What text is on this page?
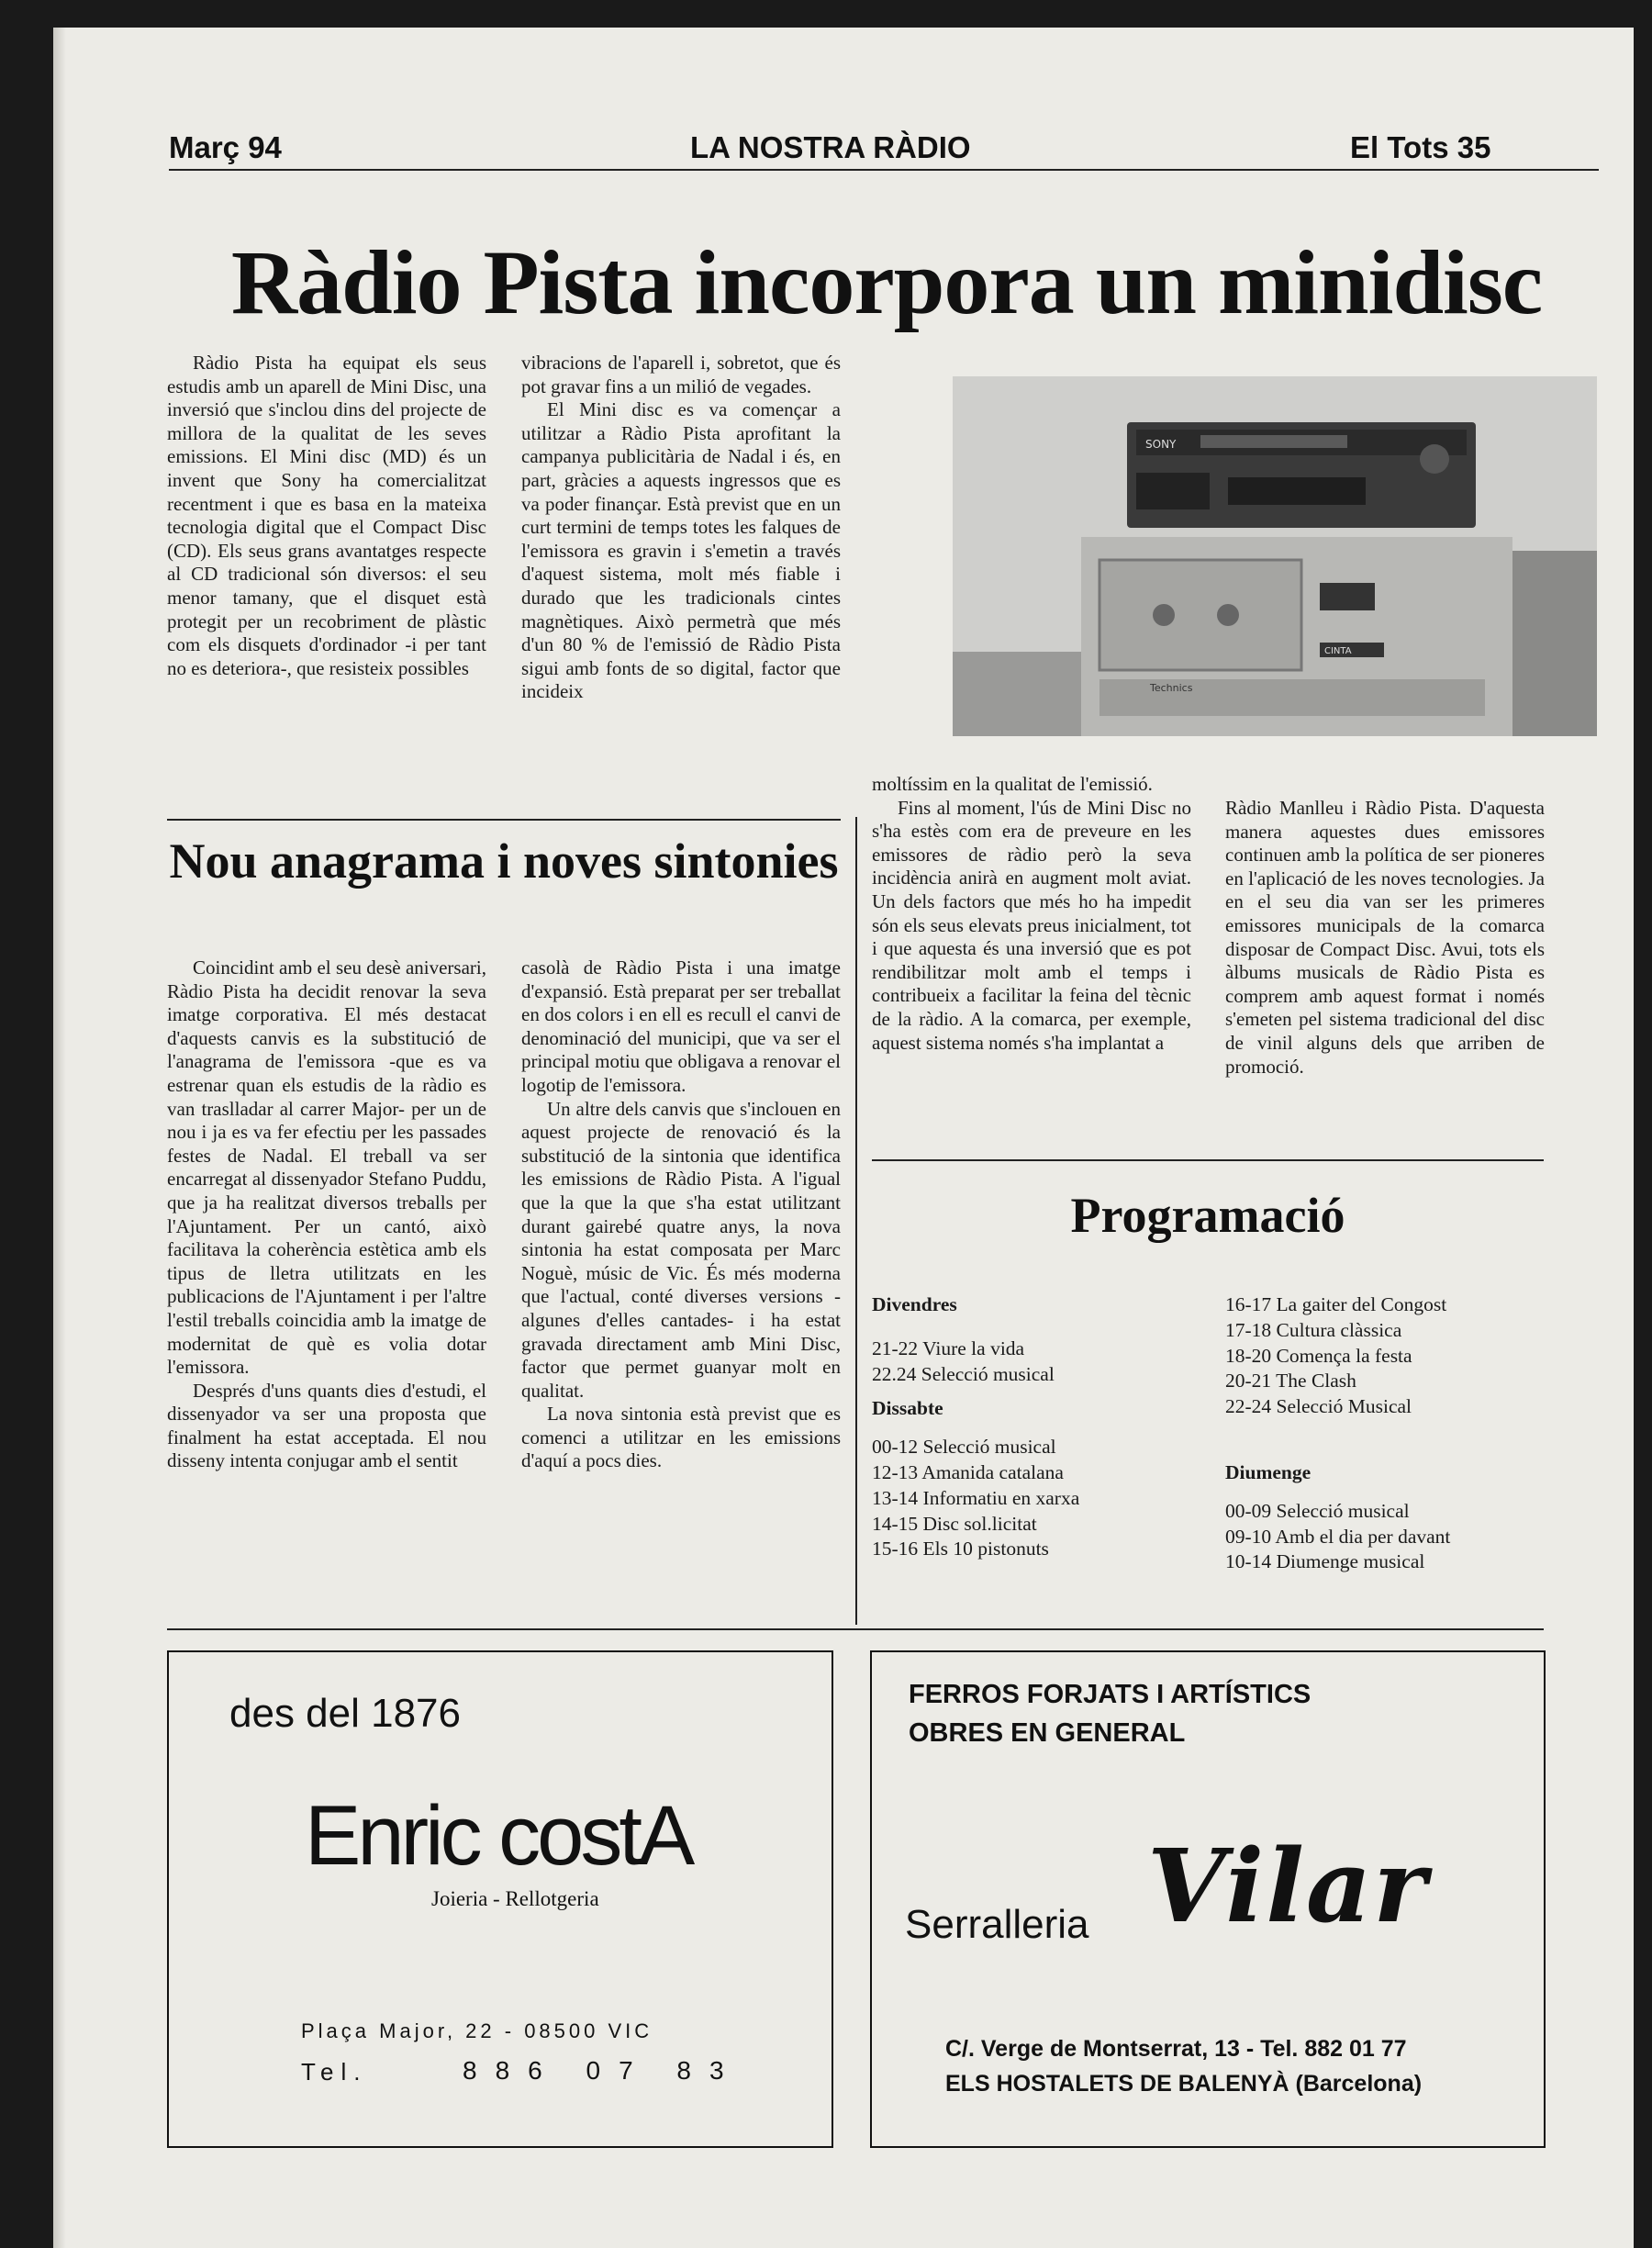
Març 94	LA NOSTRA RÀDIO	El Tots 35
Ràdio Pista incorpora un minidisc

Ràdio Pista ha equipat els seus estudis amb un aparell de Mini Disc, una inversió que s'inclou dins del projecte de millora de la qualitat de les seves emissions. El Mini disc (MD) és un invent que Sony ha comercialitzat recentment i que es basa en la mateixa tecnologia digital que el Compact Disc (CD). Els seus grans avantatges respecte al CD tradicional són diversos: el seu menor tamany, que el disquet està protegit per un recobriment de plàstic com els disquets d'ordinador -i per tant no es deteriora-, que resisteix possibles

vibracions de l'aparell i, sobretot, que és pot gravar fins a un milió de vegades.

El Mini disc es va començar a utilitzar a Ràdio Pista aprofitant la campanya publicitària de Nadal i és, en part, gràcies a aquests ingressos que es va poder finançar. Està previst que en un curt termini de temps totes les falques de l'emissora es gravin i s'emetin a través d'aquest sistema, molt més fiable i durado que les tradicionals cintes magnètiques. Això permetrà que més d'un 80 % de l'emissió de Ràdio Pista sigui amb fonts de so digital, factor que incideix

SONY
Technics
CINTA

moltíssim en la qualitat de l'emissió.

Fins al moment, l'ús de Mini Disc no s'ha estès com era de preveure en les emissores de ràdio però la seva incidència anirà en augment molt aviat. Un dels factors que més ho ha impedit són els seus elevats preus inicialment, tot i que aquesta és una inversió que es pot rendibilitzar molt amb el temps i contribueix a facilitar la feina del tècnic de la ràdio. A la comarca, per exemple, aquest sistema només s'ha implantat a

Ràdio Manlleu i Ràdio Pista. D'aquesta manera aquestes dues emissores continuen amb la política de ser pioneres en l'aplicació de les noves tecnologies. Ja en el seu dia van ser les primeres emissores municipals de la comarca disposar de Compact Disc. Avui, tots els àlbums musicals de Ràdio Pista es comprem amb aquest format i només s'emeten pel sistema tradicional del disc de vinil alguns dels que arriben de promoció.

Nou anagrama i noves sintonies

Coincidint amb el seu desè aniversari, Ràdio Pista ha decidit renovar la seva imatge corporativa. El més destacat d'aquests canvis es la substitució de l'anagrama de l'emissora -que es va estrenar quan els estudis de la ràdio es van traslladar al carrer Major- per un de nou i ja es va fer efectiu per les passades festes de Nadal. El treball va ser encarregat al dissenyador Stefano Puddu, que ja ha realitzat diversos treballs per l'Ajuntament. Per un cantó, això facilitava la coherència estètica amb els tipus de lletra utilitzats en les publicacions de l'Ajuntament i per l'altre l'estil treballs coincidia amb la imatge de modernitat de què es volia dotar l'emissora.

Després d'uns quants dies d'estudi, el dissenyador va ser una proposta que finalment ha estat acceptada. El nou disseny intenta conjugar amb el sentit

casolà de Ràdio Pista i una imatge d'expansió. Està preparat per ser treballat en dos colors i en ell es recull el canvi de denominació del municipi, que va ser el principal motiu que obligava a renovar el logotip de l'emissora.

Un altre dels canvis que s'inclouen en aquest projecte de renovació és la substitució de la sintonia que identifica les emissions de Ràdio Pista. A l'igual que la que la que s'ha estat utilitzant durant gairebé quatre anys, la nova sintonia ha estat composata per Marc Noguè, músic de Vic. És més moderna que l'actual, conté diverses versions -algunes d'elles cantades- i ha estat gravada directament amb Mini Disc, factor que permet guanyar molt en qualitat.

La nova sintonia està previst que es comenci a utilitzar en les emissions d'aquí a pocs dies.

Programació
Divendres
21-22 Viure la vida
22.24 Selecció musical
Dissabte
00-12 Selecció musical
12-13 Amanida catalana
13-14 Informatiu en xarxa
14-15 Disc sol.licitat
15-16 Els 10 pistonuts
16-17 La gaiter del Congost
17-18 Cultura clàssica
18-20 Comença la festa
20-21 The Clash
22-24 Selecció Musical
Diumenge
00-09 Selecció musical
09-10 Amb el dia per davant
10-14 Diumenge musical
des del 1876
Enric costA
Joieria - Rellotgeria
Plaça Major, 22 - 08500 VIC
Tel.	886 07 83
FERROS FORJATS I ARTÍSTICS
OBRES EN GENERAL
Serralleria Vilar
C/. Verge de Montserrat, 13 - Tel. 882 01 77
ELS HOSTALETS DE BALENYÀ (Barcelona)
